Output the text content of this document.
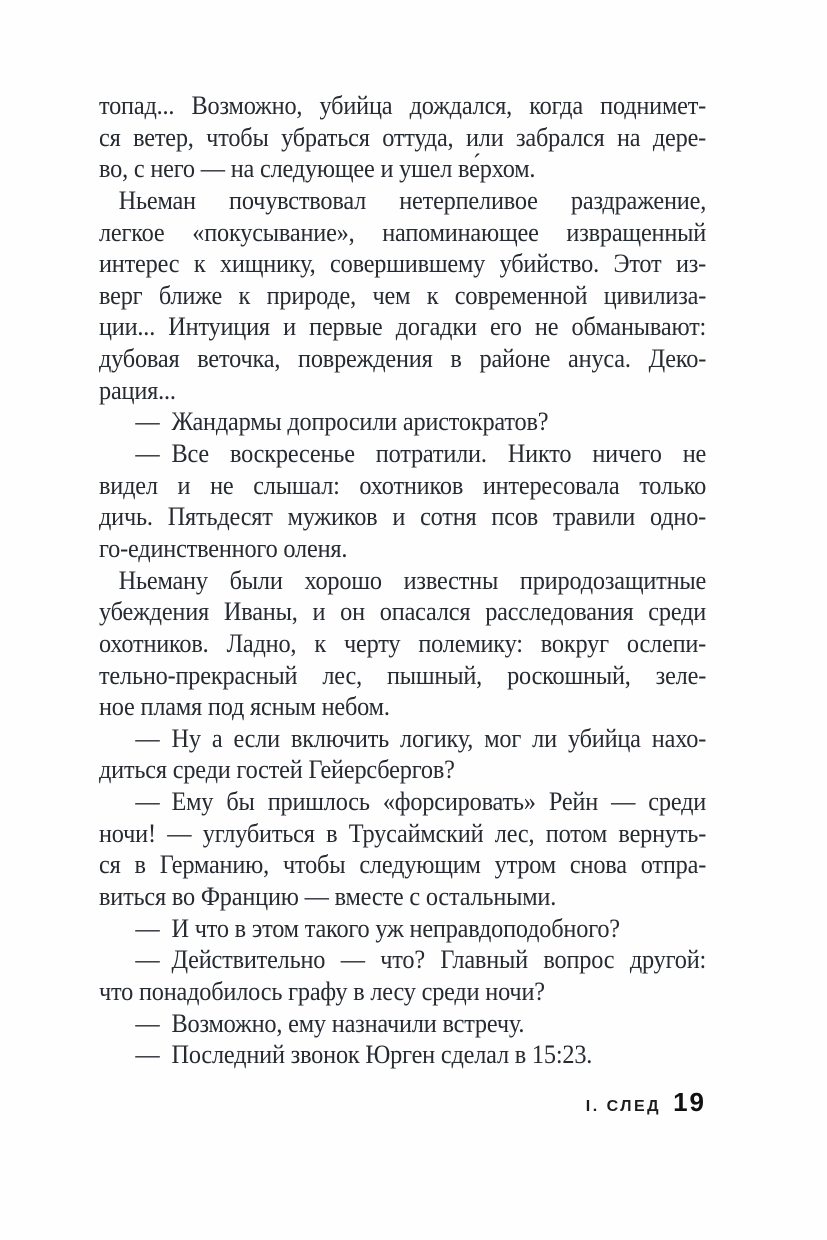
топад... Возможно, убийца дождался, когда поднимет-
ся ветер, чтобы убраться оттуда, или забрался на дере-
во, с него — на следующее и ушел ве́рхом.
Ньеман почувствовал нетерпеливое раздражение,
легкое «покусывание», напоминающее извращенный
интерес к хищнику, совершившему убийство. Этот из-
верг ближе к природе, чем к современной цивилиза-
ции... Интуиция и первые догадки его не обманывают:
дубовая веточка, повреждения в районе ануса. Деко-
рация...
— Жандармы допросили аристократов?
— Все воскресенье потратили. Никто ничего не
видел и не слышал: охотников интересовала только
дичь. Пятьдесят мужиков и сотня псов травили одно-
го-единственного оленя.
Ньеману были хорошо известны природозащитные
убеждения Иваны, и он опасался расследования среди
охотников. Ладно, к черту полемику: вокруг ослепи-
тельно-прекрасный лес, пышный, роскошный, зеле-
ное пламя под ясным небом.
— Ну а если включить логику, мог ли убийца нахо-
диться среди гостей Гейерсбергов?
— Ему бы пришлось «форсировать» Рейн — среди
ночи! — углубиться в Трусаймский лес, потом вернуть-
ся в Германию, чтобы следующим утром снова отпра-
виться во Францию — вместе с остальными.
— И что в этом такого уж неправдоподобного?
— Действительно — что? Главный вопрос другой:
что понадобилось графу в лесу среди ночи?
— Возможно, ему назначили встречу.
— Последний звонок Юрген сделал в 15:23.
I. СЛЕД 19
